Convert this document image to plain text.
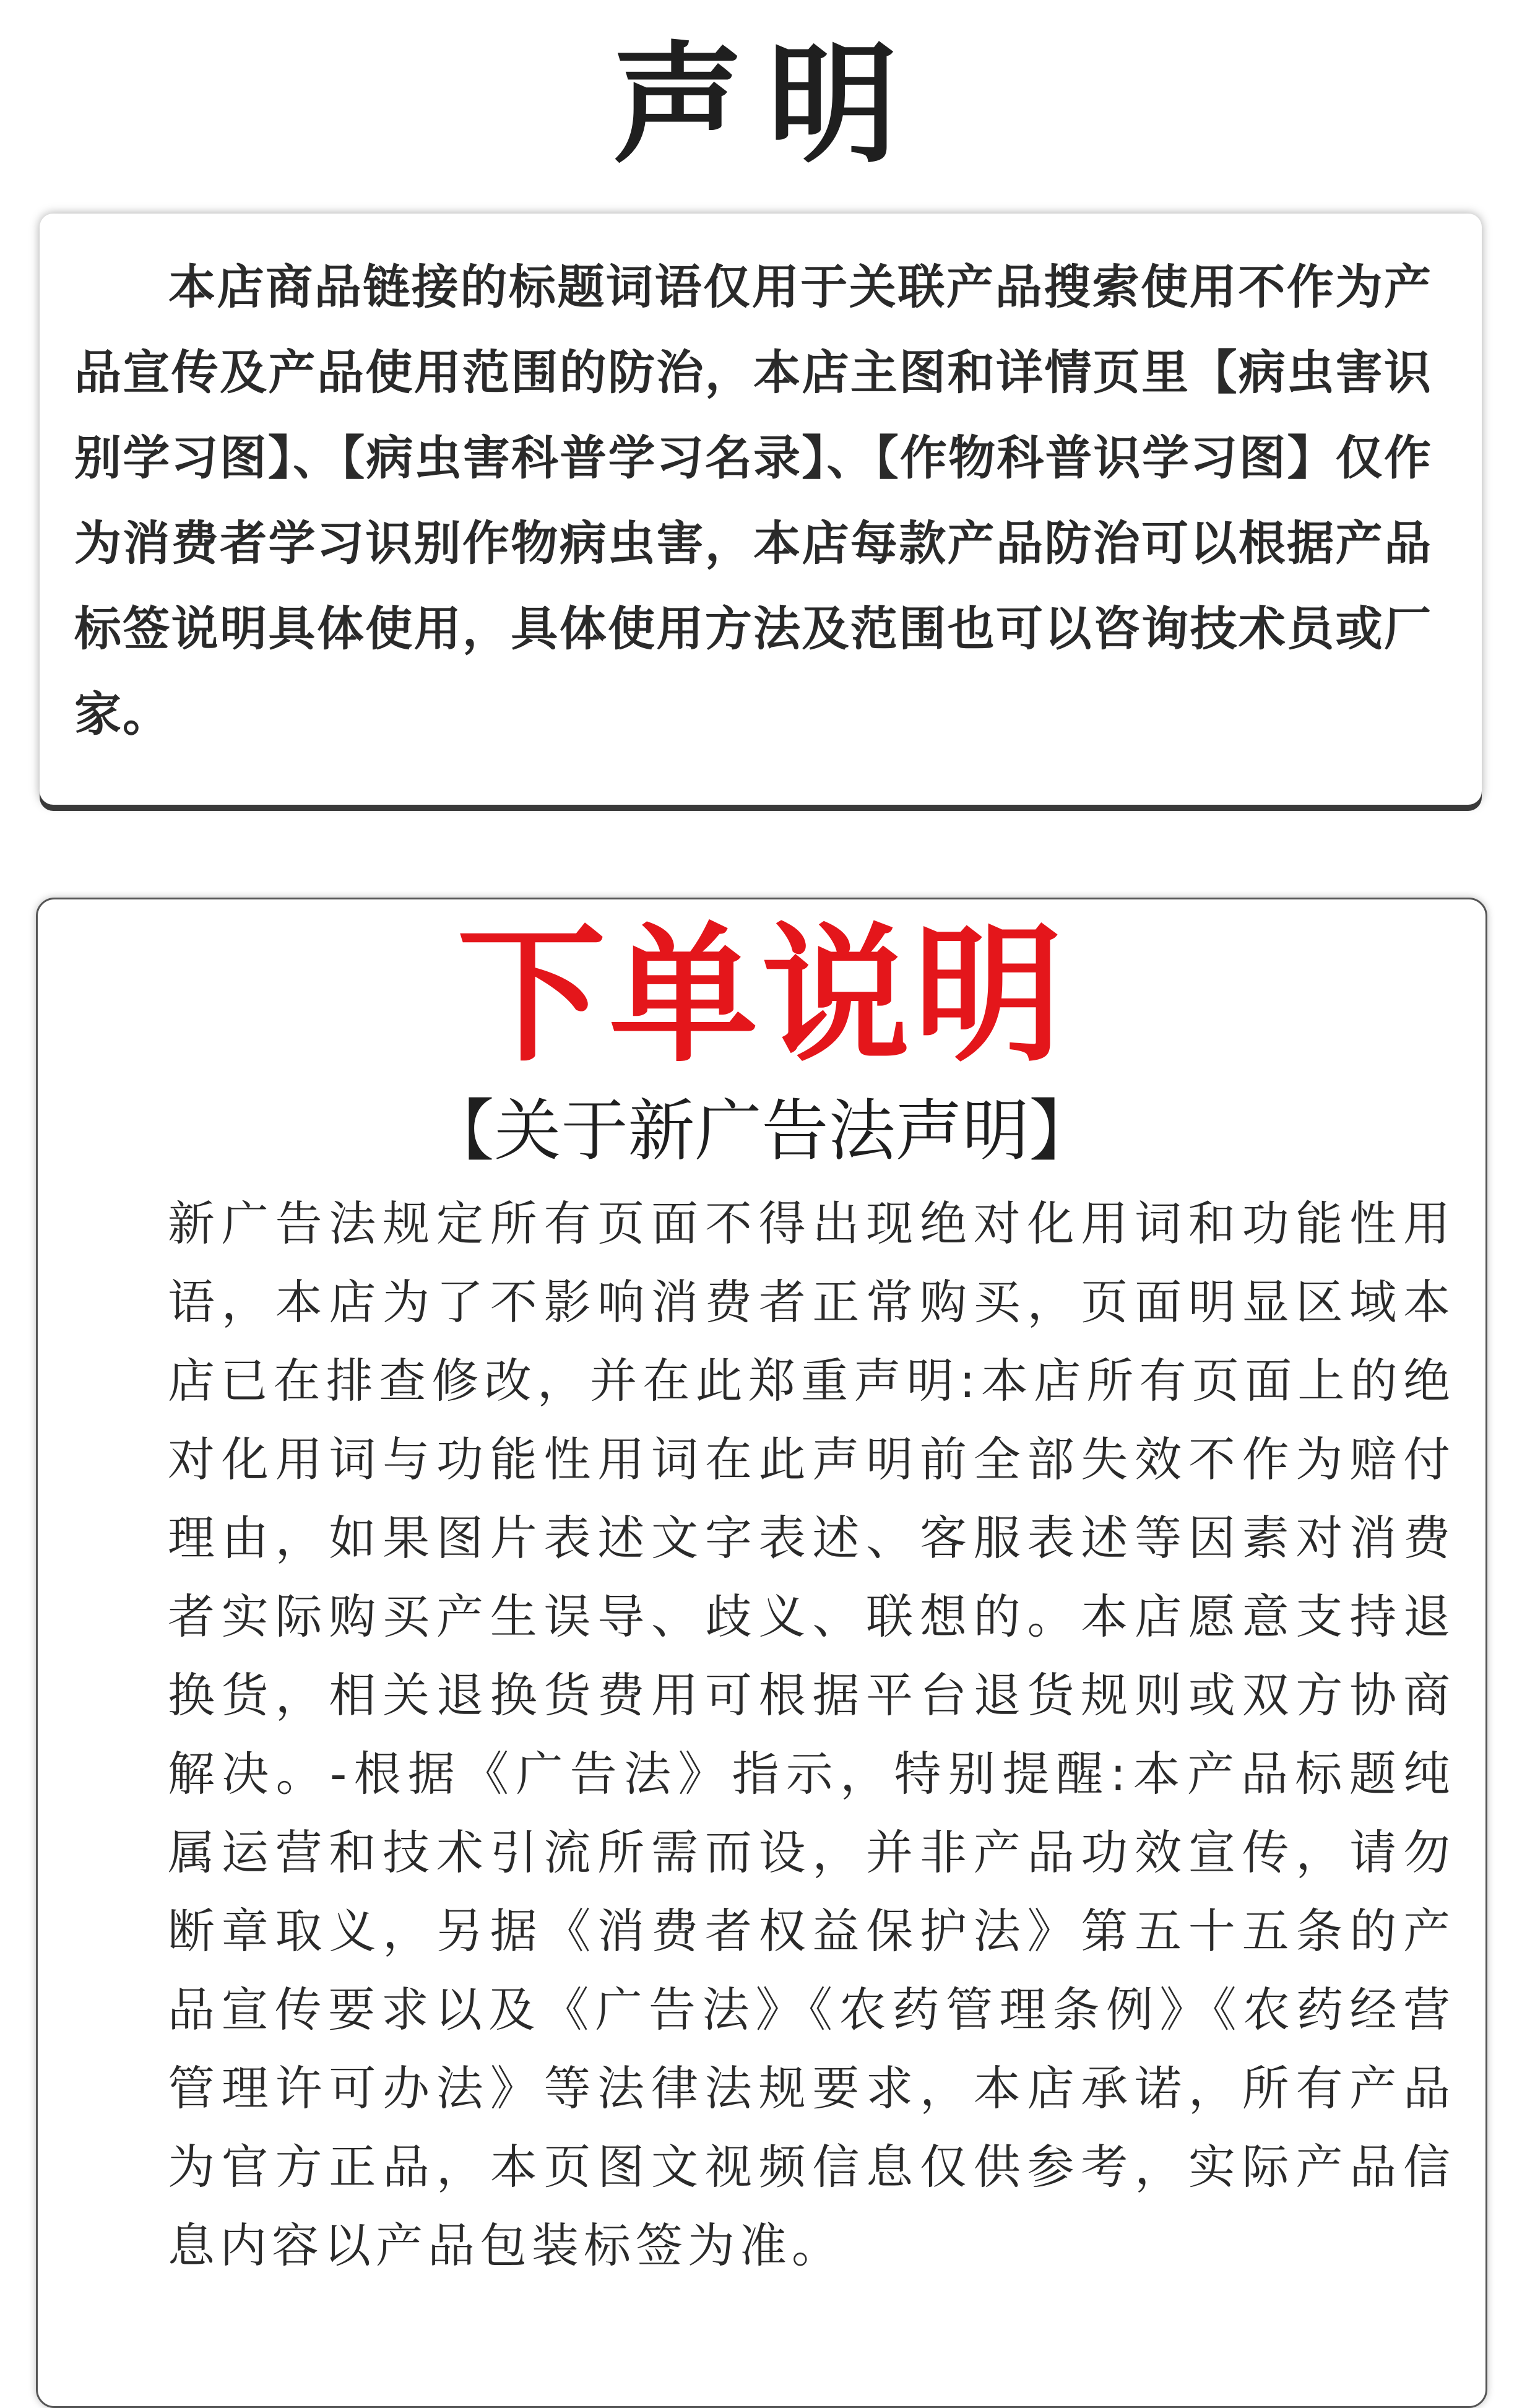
声明

本店商品链接的标题词语仅用于关联产品搜索使用不作为产品宣传及产品使用范围的防治，本店主图和详情页里【病虫害识别学习图】、【病虫害科普学习名录】、【作物科普识学习图】仅作为消费者学习识别作物病虫害，本店每款产品防治可以根据产品标签说明具体使用，具体使用方法及范围也可以咨询技术员或厂家。

下单说明
【关于新广告法声明】

新广告法规定所有页面不得出现绝对化用词和功能性用语，本店为了不影响消费者正常购买，页面明显区域本店已在排查修改，并在此郑重声明:本店所有页面上的绝对化用词与功能性用词在此声明前全部失效不作为赔付理由，如果图片表述文字表述、客服表述等因素对消费者实际购买产生误导、歧义、联想的。本店愿意支持退换货，相关退换货费用可根据平台退货规则或双方协商解决。-根据《广告法》指示，特别提醒:本产品标题纯属运营和技术引流所需而设，并非产品功效宣传，请勿断章取义，另据《消费者权益保护法》第五十五条的产品宣传要求以及《广告法》《农药管理条例》《农药经营管理许可办法》等法律法规要求，本店承诺，所有产品为官方正品，本页图文视频信息仅供参考，实际产品信息内容以产品包装标签为准。
